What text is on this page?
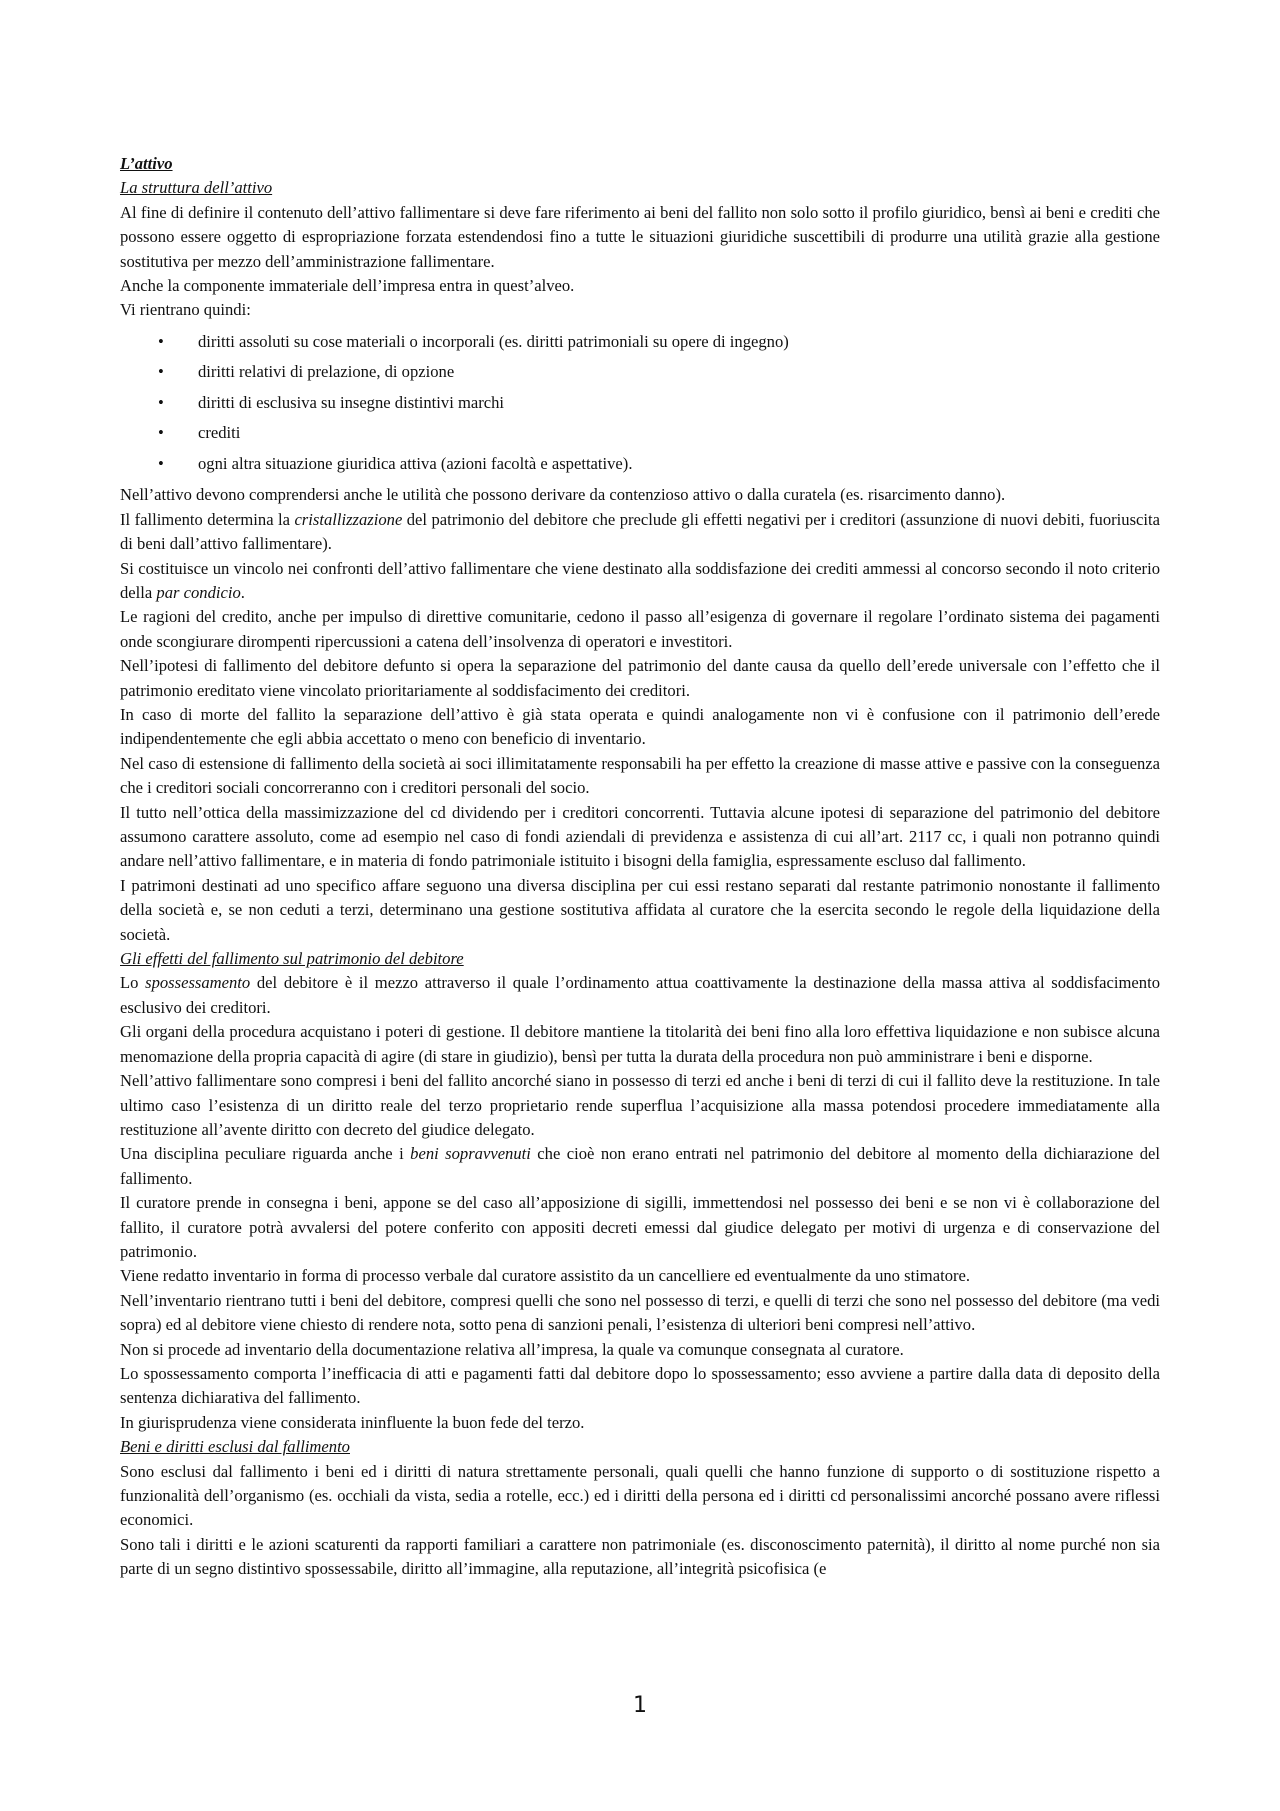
L’attivo
La struttura dell’attivo

Al fine di definire il contenuto dell’attivo fallimentare si deve fare riferimento ai beni del fallito non solo sotto il profilo giuridico, bensì ai beni e crediti che possono essere oggetto di espropriazione forzata estendendosi fino a tutte le situazioni giuridiche suscettibili di produrre una utilità grazie alla gestione sostitutiva per mezzo dell’amministrazione fallimentare.

Anche la componente immateriale dell’impresa entra in quest’alveo.

Vi rientrano quindi:

• diritti assoluti su cose materiali o incorporali (es. diritti patrimoniali su opere di ingegno)
• diritti relativi di prelazione, di opzione
• diritti di esclusiva su insegne distintivi marchi
• crediti
• ogni altra situazione giuridica attiva (azioni facoltà e aspettative).

Nell’attivo devono comprendersi anche le utilità che possono derivare da contenzioso attivo o dalla curatela (es. risarcimento danno).

Il fallimento determina la cristallizzazione del patrimonio del debitore che preclude gli effetti negativi per i creditori (assunzione di nuovi debiti, fuoriuscita di beni dall’attivo fallimentare).

Si costituisce un vincolo nei confronti dell’attivo fallimentare che viene destinato alla soddisfazione dei crediti ammessi al concorso secondo il noto criterio della par condicio.

Le ragioni del credito, anche per impulso di direttive comunitarie, cedono il passo all’esigenza di governare il regolare l’ordinato sistema dei pagamenti onde scongiurare dirompenti ripercussioni a catena dell’insolvenza di operatori e investitori.

Nell’ipotesi di fallimento del debitore defunto si opera la separazione del patrimonio del dante causa da quello dell’erede universale con l’effetto che il patrimonio ereditato viene vincolato prioritariamente al soddisfacimento dei creditori.

In caso di morte del fallito la separazione dell’attivo è già stata operata e quindi analogamente non vi è confusione con il patrimonio dell’erede indipendentemente che egli abbia accettato o meno con beneficio di inventario.

Nel caso di estensione di fallimento della società ai soci illimitatamente responsabili ha per effetto la creazione di masse attive e passive con la conseguenza che i creditori sociali concorreranno con i creditori personali del socio.

Il tutto nell’ottica della massimizzazione del cd dividendo per i creditori concorrenti. Tuttavia alcune ipotesi di separazione del patrimonio del debitore assumono carattere assoluto, come ad esempio nel caso di fondi aziendali di previdenza e assistenza di cui all’art. 2117 cc, i quali non potranno quindi andare nell’attivo fallimentare, e in materia di fondo patrimoniale istituito i bisogni della famiglia, espressamente escluso dal fallimento.

I patrimoni destinati ad uno specifico affare seguono una diversa disciplina per cui essi restano separati dal restante patrimonio nonostante il fallimento della società e, se non ceduti a terzi, determinano una gestione sostitutiva affidata al curatore che la esercita secondo le regole della liquidazione della società.

Gli effetti del fallimento sul patrimonio del debitore

Lo spossessamento del debitore è il mezzo attraverso il quale l’ordinamento attua coattivamente la destinazione della massa attiva al soddisfacimento esclusivo dei creditori.

Gli organi della procedura acquistano i poteri di gestione. Il debitore mantiene la titolarità dei beni fino alla loro effettiva liquidazione e non subisce alcuna menomazione della propria capacità di agire (di stare in giudizio), bensì per tutta la durata della procedura non può amministrare i beni e disporne.

Nell’attivo fallimentare sono compresi i beni del fallito ancorché siano in possesso di terzi ed anche i beni di terzi di cui il fallito deve la restituzione. In tale ultimo caso l’esistenza di un diritto reale del terzo proprietario rende superflua l’acquisizione alla massa potendosi procedere immediatamente alla restituzione all’avente diritto con decreto del giudice delegato.

Una disciplina peculiare riguarda anche i beni sopravvenuti che cioè non erano entrati nel patrimonio del debitore al momento della dichiarazione del fallimento.

Il curatore prende in consegna i beni, appone se del caso all’apposizione di sigilli, immettendosi nel possesso dei beni e se non vi è collaborazione del fallito, il curatore potrà avvalersi del potere conferito con appositi decreti emessi dal giudice delegato per motivi di urgenza e di conservazione del patrimonio.

Viene redatto inventario in forma di processo verbale dal curatore assistito da un cancelliere ed eventualmente da uno stimatore.

Nell’inventario rientrano tutti i beni del debitore, compresi quelli che sono nel possesso di terzi, e quelli di terzi che sono nel possesso del debitore (ma vedi sopra) ed al debitore viene chiesto di rendere nota, sotto pena di sanzioni penali, l’esistenza di ulteriori beni compresi nell’attivo.

Non si procede ad inventario della documentazione relativa all’impresa, la quale va comunque consegnata al curatore.

Lo spossessamento comporta l’inefficacia di atti e pagamenti fatti dal debitore dopo lo spossessamento; esso avviene a partire dalla data di deposito della sentenza dichiarativa del fallimento.

In giurisprudenza viene considerata ininfluente la buon fede del terzo.

Beni e diritti esclusi dal fallimento

Sono esclusi dal fallimento i beni ed i diritti di natura strettamente personali, quali quelli che hanno funzione di supporto o di sostituzione rispetto a funzionalità dell’organismo (es. occhiali da vista, sedia a rotelle, ecc.) ed i diritti della persona ed i diritti cd personalissimi ancorché possano avere riflessi economici.

Sono tali i diritti e le azioni scaturenti da rapporti familiari a carattere non patrimoniale (es. disconoscimento paternità), il diritto al nome purché non sia parte di un segno distintivo spossessabile, diritto all’immagine, alla reputazione, all’integrità psicofisica (e

1
